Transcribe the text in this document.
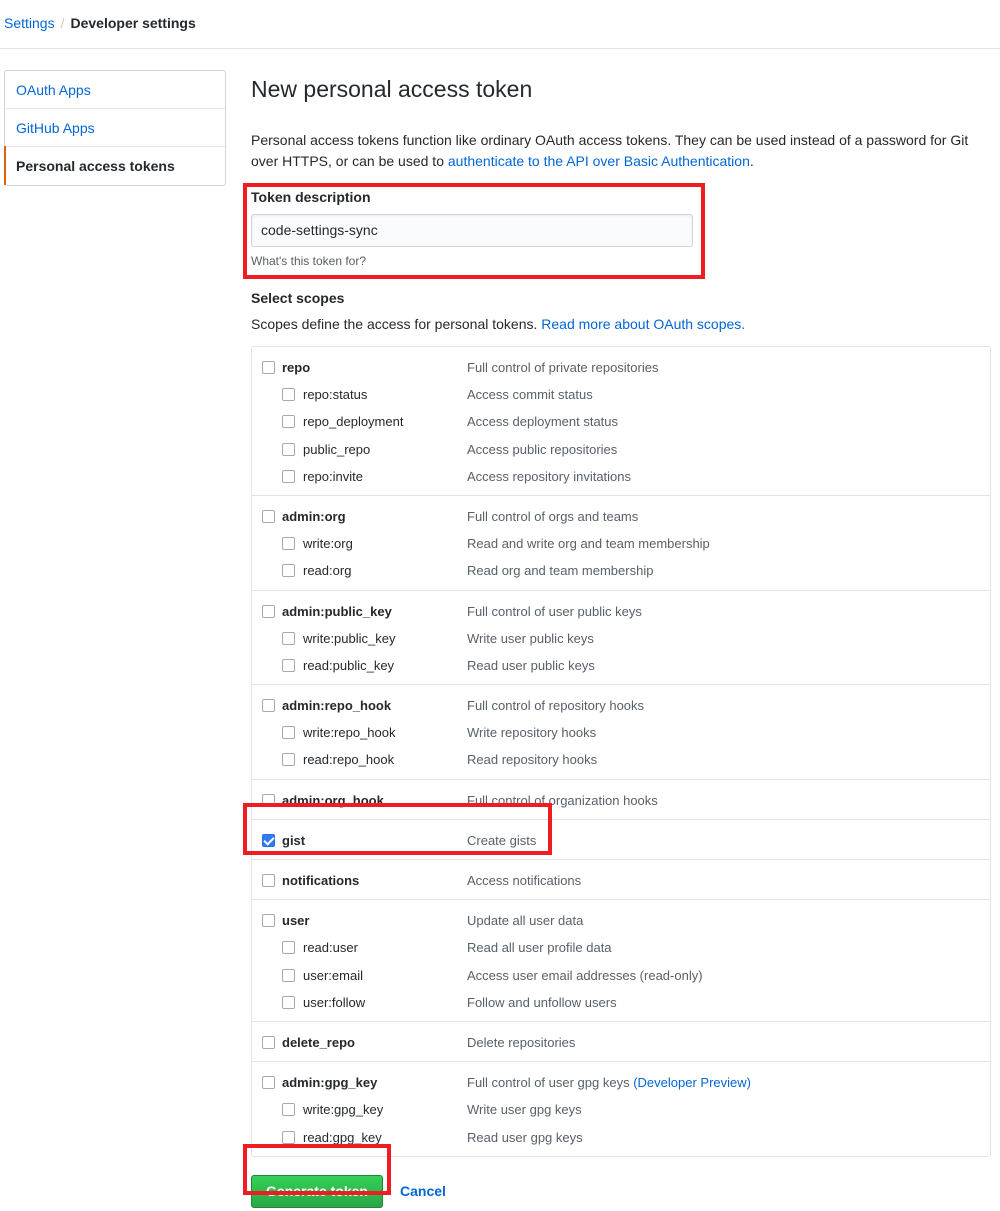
Settings / Developer settings
OAuth Apps
GitHub Apps
Personal access tokens
New personal access token

Personal access tokens function like ordinary OAuth access tokens. They can be used instead of a password for Git over HTTPS, or can be used to authenticate to the API over Basic Authentication.

Token description
code-settings-sync
What's this token for?
Select scopes
Scopes define the access for personal tokens. Read more about OAuth scopes.
repo	Full control of private repositories
repo:status	Access commit status
repo_deployment	Access deployment status
public_repo	Access public repositories
repo:invite	Access repository invitations
admin:org	Full control of orgs and teams
write:org	Read and write org and team membership
read:org	Read org and team membership
admin:public_key	Full control of user public keys
write:public_key	Write user public keys
read:public_key	Read user public keys
admin:repo_hook	Full control of repository hooks
write:repo_hook	Write repository hooks
read:repo_hook	Read repository hooks
admin:org_hook	Full control of organization hooks
gist	Create gists
notifications	Access notifications
user	Update all user data
read:user	Read all user profile data
user:email	Access user email addresses (read-only)
user:follow	Follow and unfollow users
delete_repo	Delete repositories
admin:gpg_key	Full control of user gpg keys (Developer Preview)
write:gpg_key	Write user gpg keys
read:gpg_key	Read user gpg keys
Generate token	Cancel
